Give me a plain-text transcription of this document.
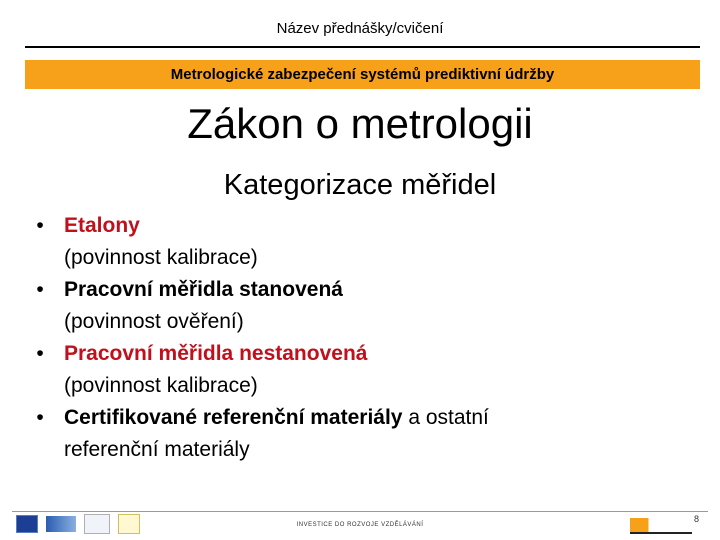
Název přednášky/cvičení
Metrologické zabezpečení systémů prediktivní údržby
Zákon o metrologii
Kategorizace měřidel
• Etalony
(povinnost kalibrace)
• Pracovní měřidla stanovená
(povinnost ověření)
• Pracovní měřidla nestanovená
(povinnost kalibrace)
• Certifikované referenční materiály a ostatní
referenční materiály
INVESTICE DO ROZVOJE VZDĚLÁVÁNÍ
8
